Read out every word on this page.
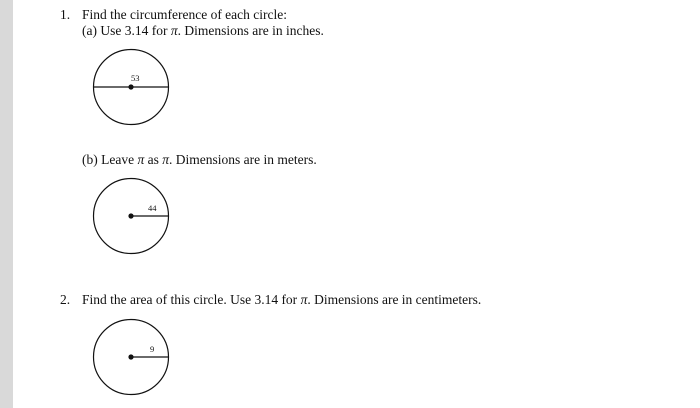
1. Find the circumference of each circle:
(a) Use 3.14 for π. Dimensions are in inches.
53
(b) Leave π as π. Dimensions are in meters.
44
2. Find the area of this circle. Use 3.14 for π. Dimensions are in centimeters.
9
